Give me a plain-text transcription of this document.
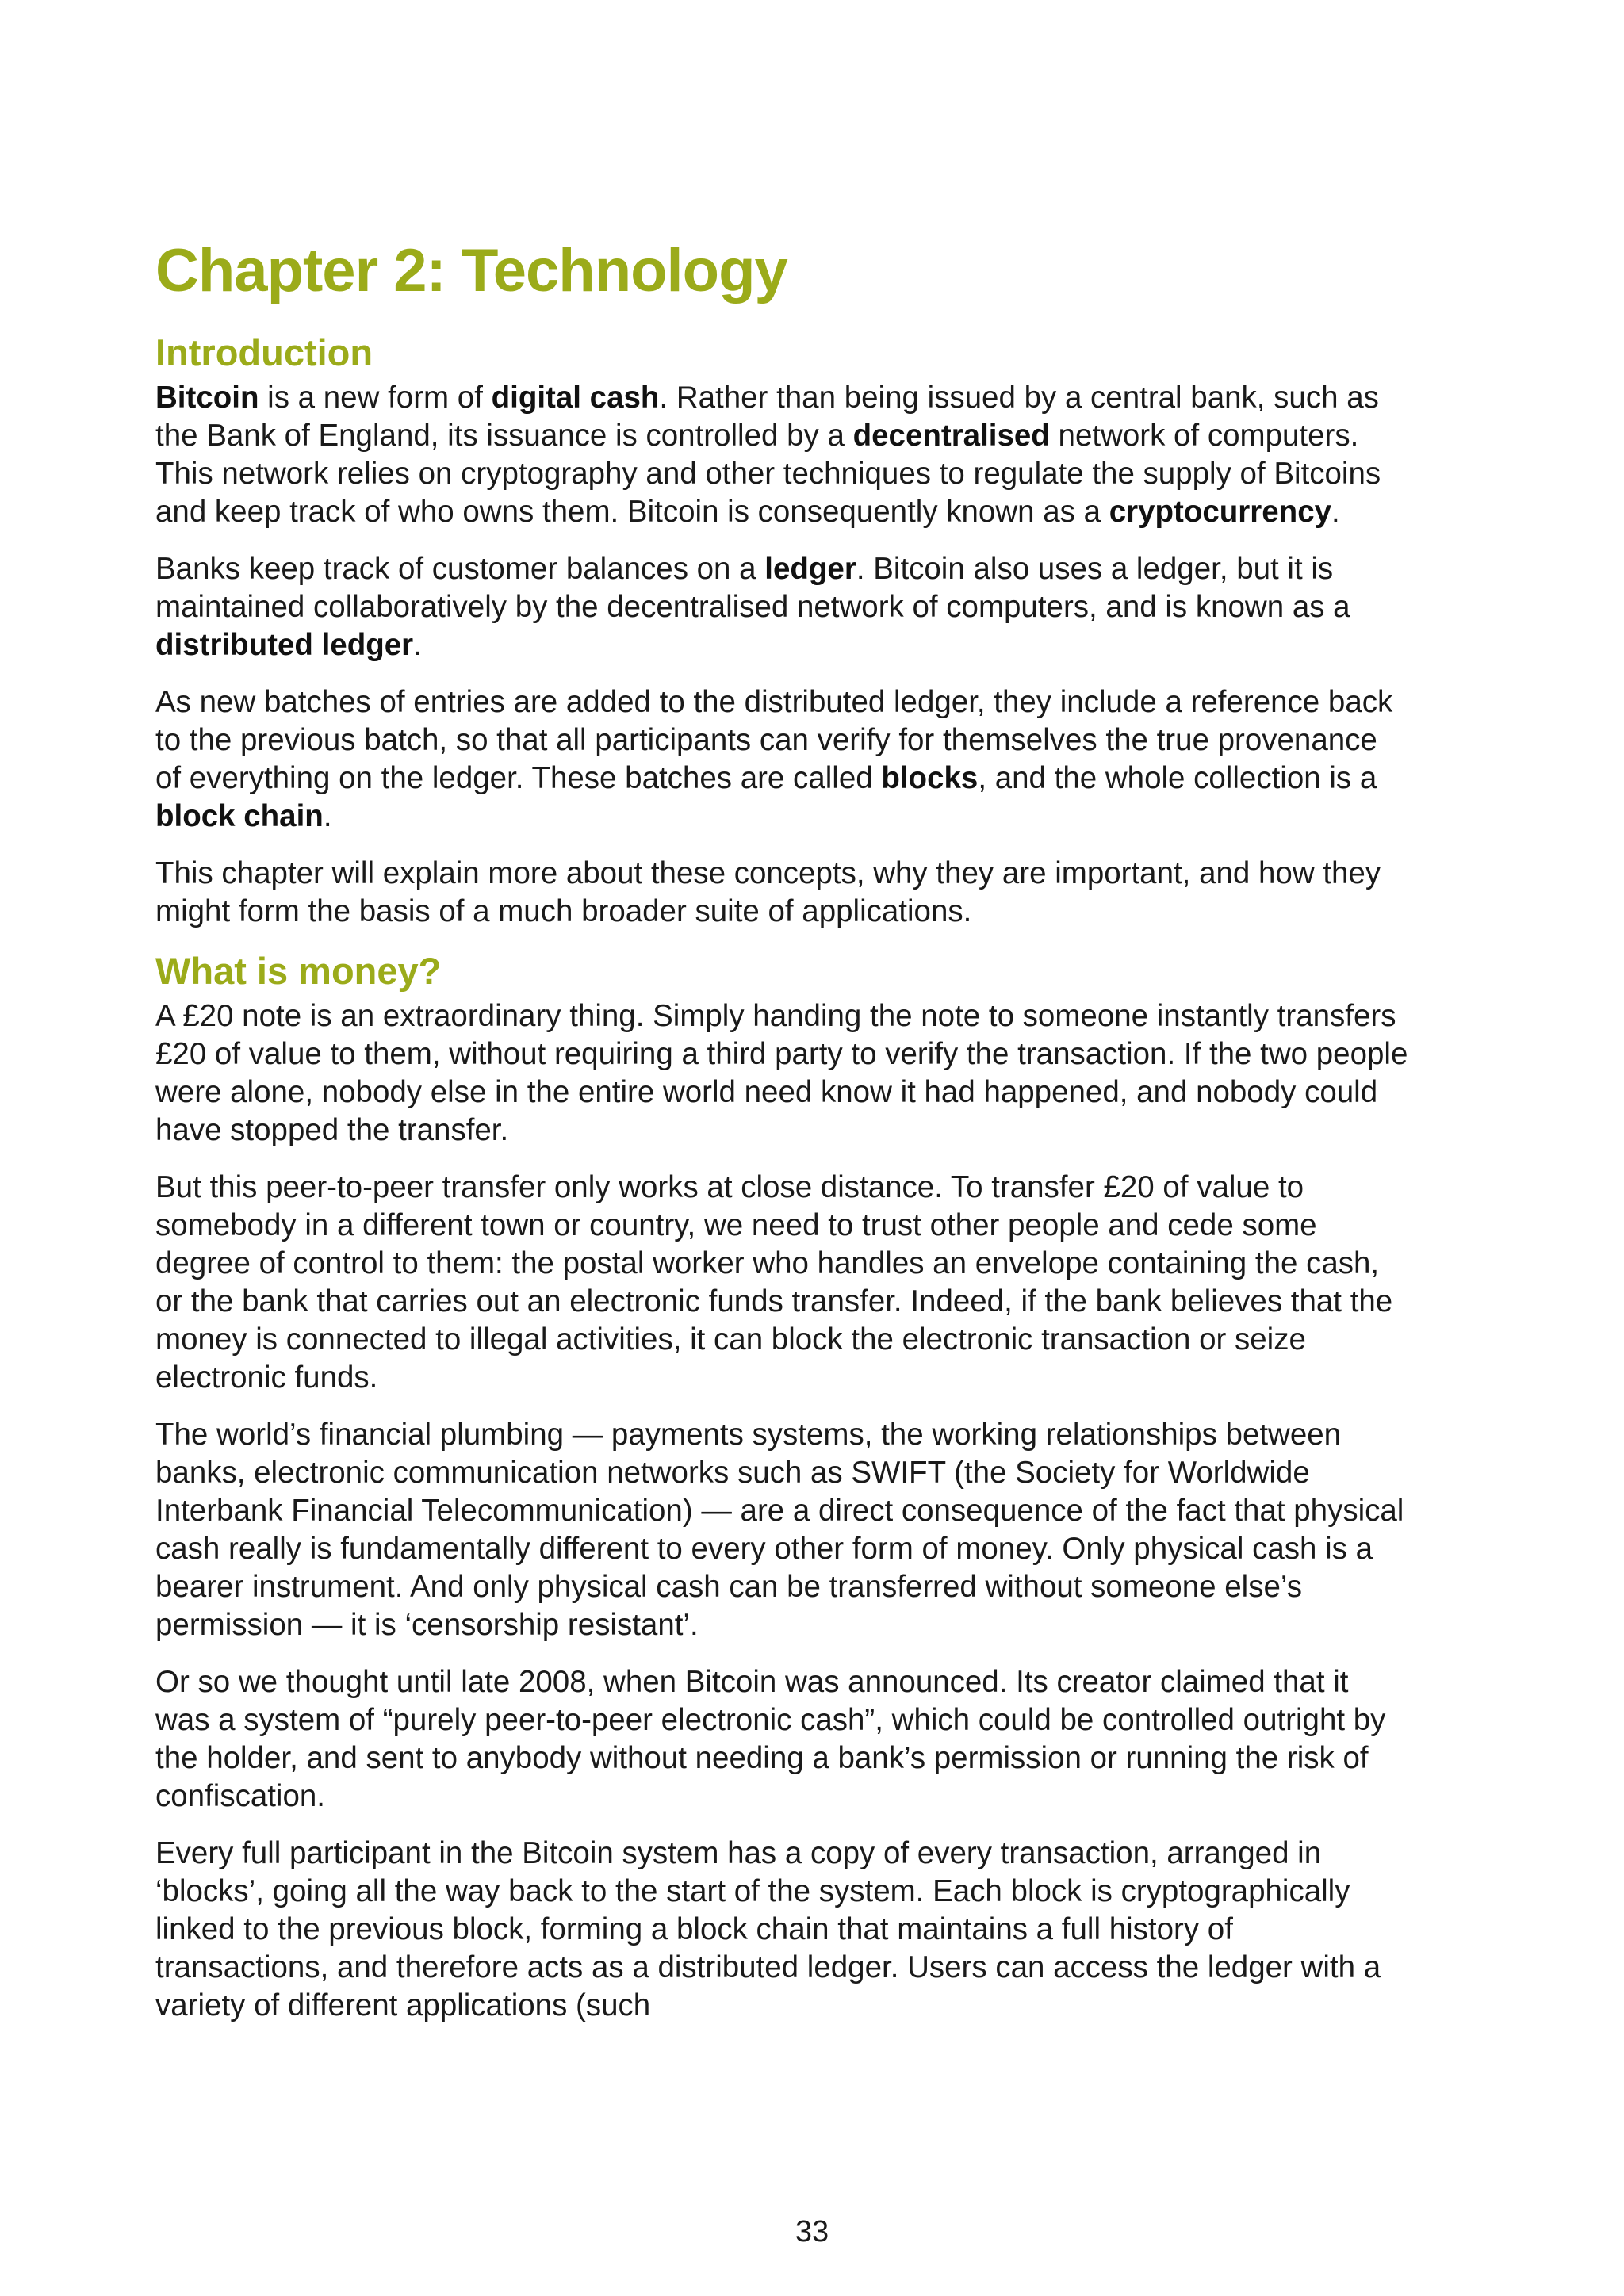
Chapter 2: Technology
Introduction

Bitcoin is a new form of digital cash. Rather than being issued by a central bank, such as the Bank of England, its issuance is controlled by a decentralised network of computers. This network relies on cryptography and other techniques to regulate the supply of Bitcoins and keep track of who owns them. Bitcoin is consequently known as a cryptocurrency.

Banks keep track of customer balances on a ledger. Bitcoin also uses a ledger, but it is maintained collaboratively by the decentralised network of computers, and is known as a distributed ledger.

As new batches of entries are added to the distributed ledger, they include a reference back to the previous batch, so that all participants can verify for themselves the true provenance of everything on the ledger. These batches are called blocks, and the whole collection is a block chain.

This chapter will explain more about these concepts, why they are important, and how they might form the basis of a much broader suite of applications.

What is money?

A £20 note is an extraordinary thing. Simply handing the note to someone instantly transfers £20 of value to them, without requiring a third party to verify the transaction. If the two people were alone, nobody else in the entire world need know it had happened, and nobody could have stopped the transfer.

But this peer-to-peer transfer only works at close distance. To transfer £20 of value to somebody in a different town or country, we need to trust other people and cede some degree of control to them: the postal worker who handles an envelope containing the cash, or the bank that carries out an electronic funds transfer. Indeed, if the bank believes that the money is connected to illegal activities, it can block the electronic transaction or seize electronic funds.

The world’s financial plumbing — payments systems, the working relationships between banks, electronic communication networks such as SWIFT (the Society for Worldwide Interbank Financial Telecommunication) — are a direct consequence of the fact that physical cash really is fundamentally different to every other form of money. Only physical cash is a bearer instrument. And only physical cash can be transferred without someone else’s permission — it is ‘censorship resistant’.

Or so we thought until late 2008, when Bitcoin was announced. Its creator claimed that it was a system of “purely peer-to-peer electronic cash”, which could be controlled outright by the holder, and sent to anybody without needing a bank’s permission or running the risk of confiscation.

Every full participant in the Bitcoin system has a copy of every transaction, arranged in ‘blocks’, going all the way back to the start of the system. Each block is cryptographically linked to the previous block, forming a block chain that maintains a full history of transactions, and therefore acts as a distributed ledger. Users can access the ledger with a variety of different applications (such

33
